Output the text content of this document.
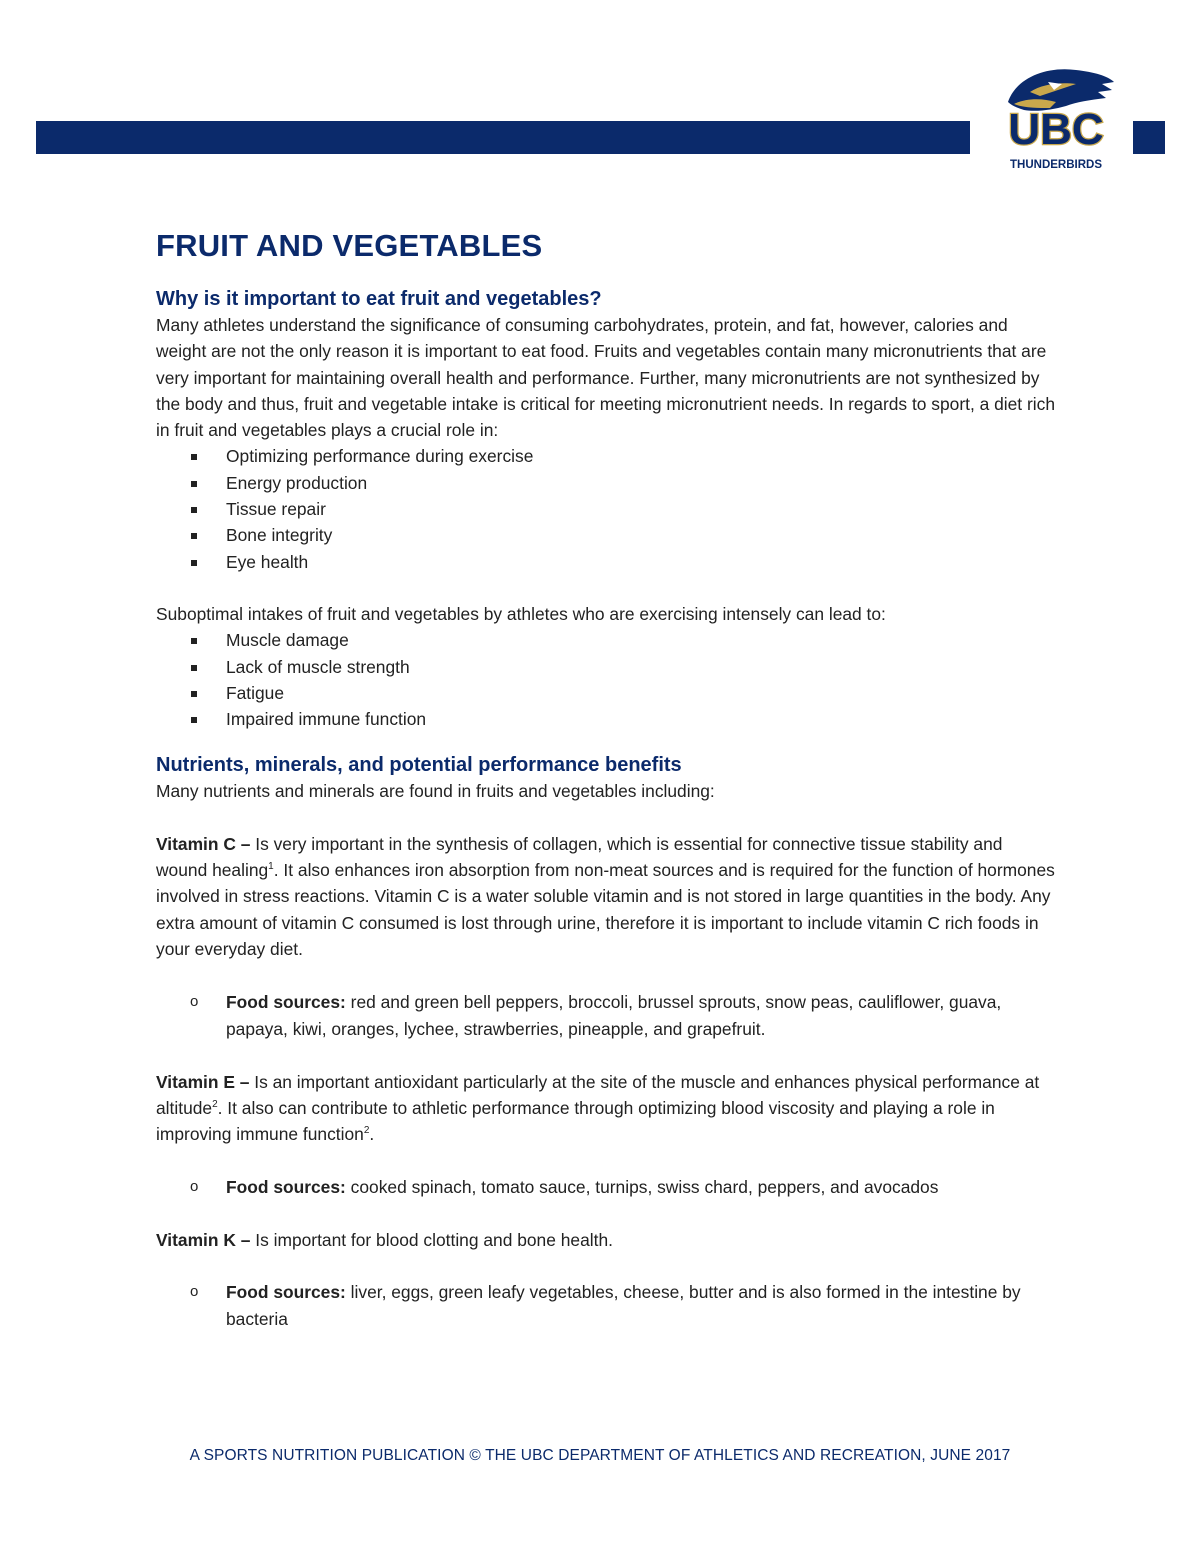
UBC
THUNDERBIRDS
FRUIT AND VEGETABLES
Why is it important to eat fruit and vegetables?

Many athletes understand the significance of consuming carbohydrates, protein, and fat, however, calories and weight are not the only reason it is important to eat food. Fruits and vegetables contain many micronutrients that are very important for maintaining overall health and performance. Further, many micronutrients are not synthesized by the body and thus, fruit and vegetable intake is critical for meeting micronutrient needs. In regards to sport, a diet rich in fruit and vegetables plays a crucial role in:

Optimizing performance during exercise
Energy production
Tissue repair
Bone integrity
Eye health

Suboptimal intakes of fruit and vegetables by athletes who are exercising intensely can lead to:

Muscle damage
Lack of muscle strength
Fatigue
Impaired immune function
Nutrients, minerals, and potential performance benefits

Many nutrients and minerals are found in fruits and vegetables including:

Vitamin C – Is very important in the synthesis of collagen, which is essential for connective tissue stability and wound healing$^1$. It also enhances iron absorption from non-meat sources and is required for the function of hormones involved in stress reactions. Vitamin C is a water soluble vitamin and is not stored in large quantities in the body. Any extra amount of vitamin C consumed is lost through urine, therefore it is important to include vitamin C rich foods in your everyday diet.

o Food sources: red and green bell peppers, broccoli, brussel sprouts, snow peas, cauliflower, guava, papaya, kiwi, oranges, lychee, strawberries, pineapple, and grapefruit.

Vitamin E – Is an important antioxidant particularly at the site of the muscle and enhances physical performance at altitude$^2$. It also can contribute to athletic performance through optimizing blood viscosity and playing a role in improving immune function$^2$.

o Food sources: cooked spinach, tomato sauce, turnips, swiss chard, peppers, and avocados

Vitamin K – Is important for blood clotting and bone health.

o Food sources: liver, eggs, green leafy vegetables, cheese, butter and is also formed in the intestine by bacteria
A SPORTS NUTRITION PUBLICATION © THE UBC DEPARTMENT OF ATHLETICS AND RECREATION, JUNE 2017
